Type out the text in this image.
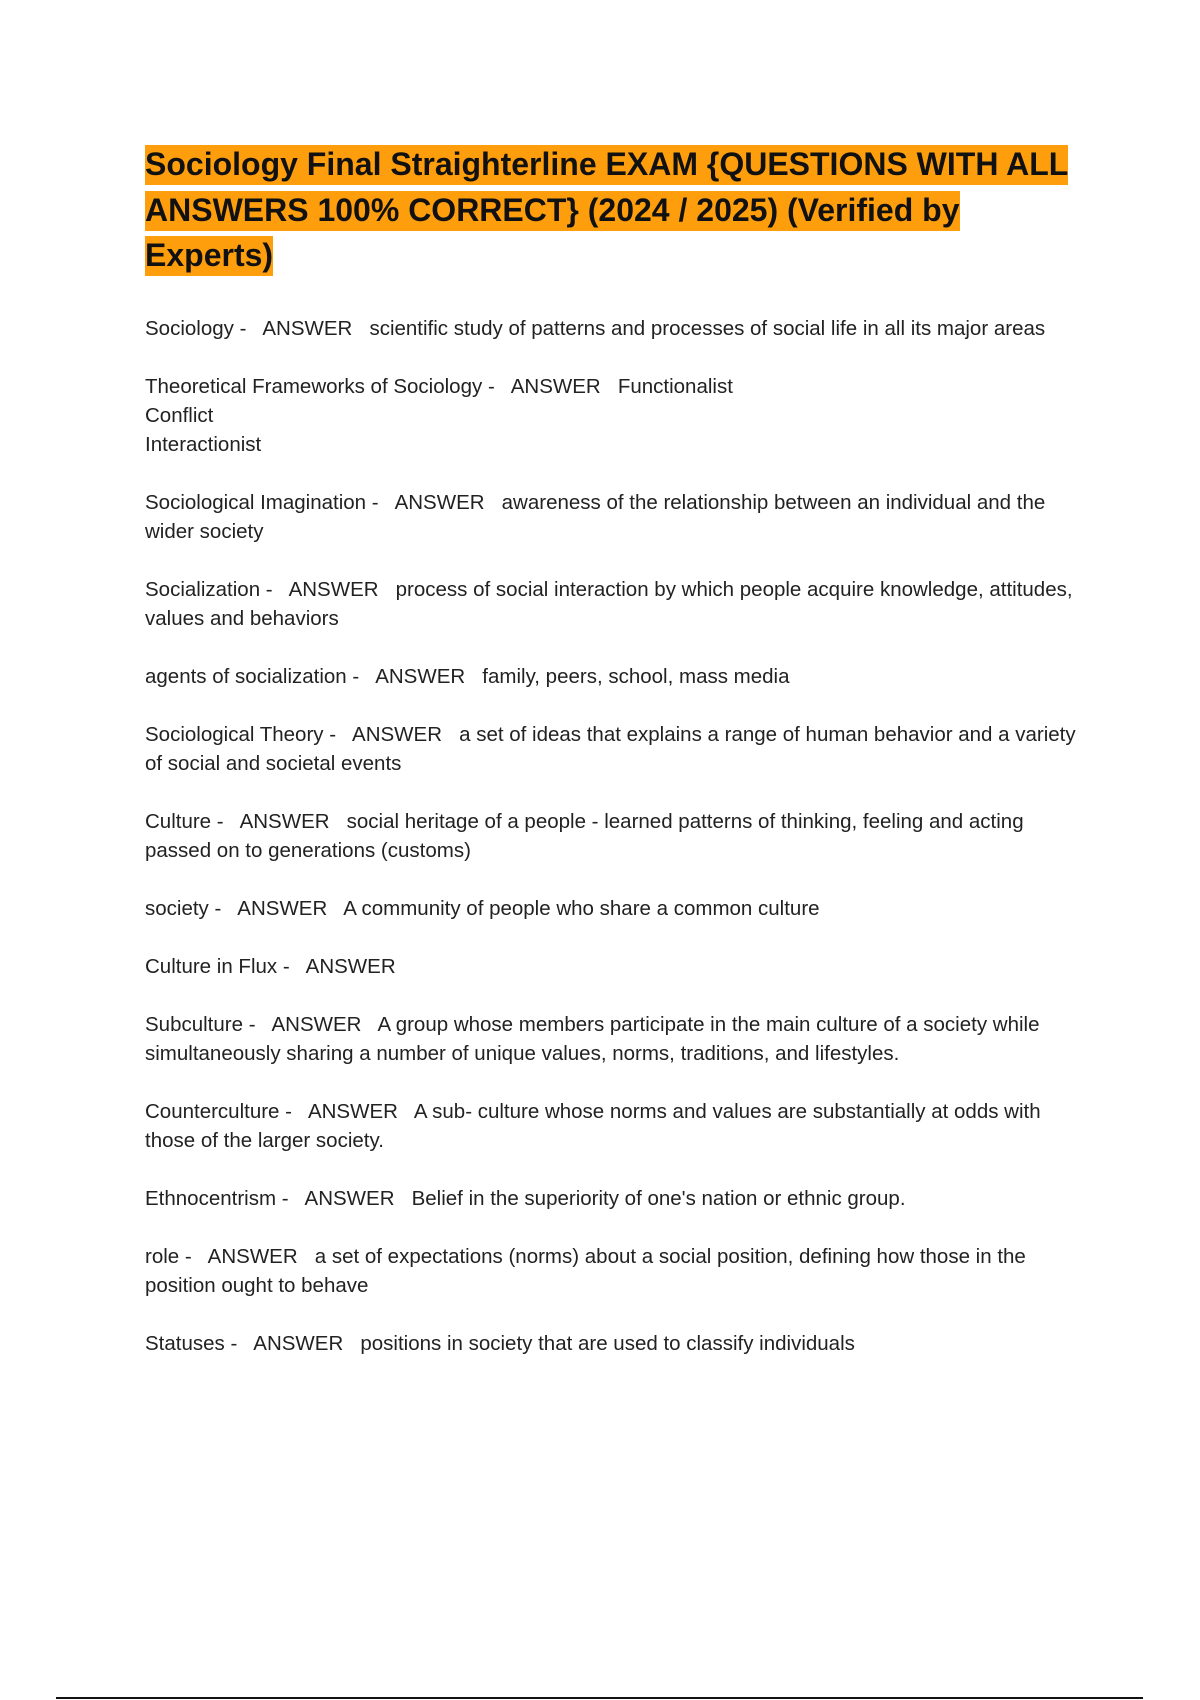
Sociology Final Straighterline EXAM {QUESTIONS WITH ALL ANSWERS 100% CORRECT} (2024 / 2025) (Verified by Experts)

Sociology -   ANSWER scientific study of patterns and processes of social life in all its major areas

Theoretical Frameworks of Sociology -   ANSWER Functionalist
Conflict
Interactionist

Sociological Imagination -   ANSWER awareness of the relationship between an individual and the wider society

Socialization -   ANSWER process of social interaction by which people acquire knowledge, attitudes, values and behaviors

agents of socialization -   ANSWER family, peers, school, mass media

Sociological Theory -   ANSWER a set of ideas that explains a range of human behavior and a variety of social and societal events

Culture -   ANSWER social heritage of a people - learned patterns of thinking, feeling and acting passed on to generations (customs)

society -   ANSWER A community of people who share a common culture

Culture in Flux -   ANSWER

Subculture -   ANSWER A group whose members participate in the main culture of a society while simultaneously sharing a number of unique values, norms, traditions, and lifestyles.

Counterculture -   ANSWER A sub- culture whose norms and values are substantially at odds with those of the larger society.

Ethnocentrism -   ANSWER Belief in the superiority of one's nation or ethnic group.

role -   ANSWER a set of expectations (norms) about a social position, defining how those in the position ought to behave

Statuses -   ANSWER positions in society that are used to classify individuals
